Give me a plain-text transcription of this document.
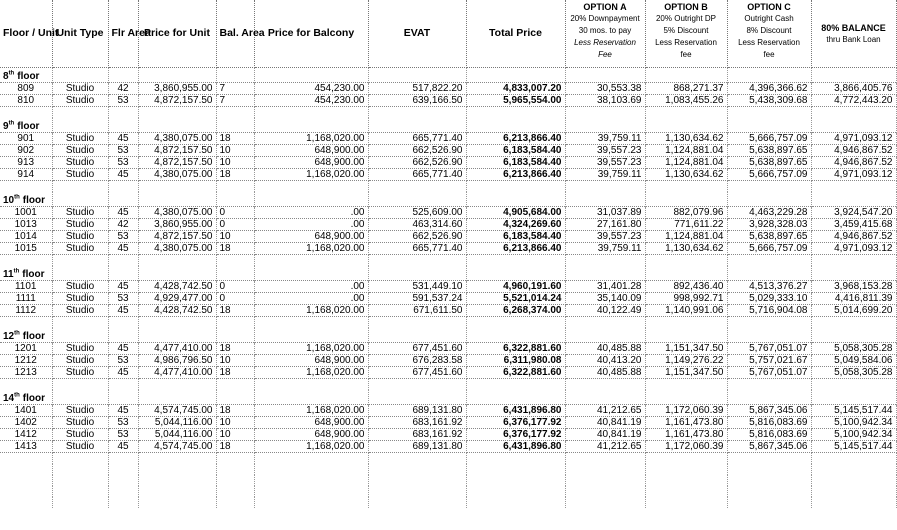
Floor / Unit	Unit Type	Flr Area	Price for Unit	Bal. Area	Price for Balcony	EVAT	Total Price	OPTION A
20% Downpayment
30 mos. to pay
Less Reservation
Fee	OPTION B
20% Outright DP
5% Discount
Less Reservation
fee	OPTION C
Outright Cash
8% Discount
Less Reservation
fee	80% BALANCE
thru Bank Loan
8th floor											
809	Studio	42	3,860,955.00	7	454,230.00	517,822.20	4,833,007.20	30,553.38	868,271.37	4,396,366.62	3,866,405.76
810	Studio	53	4,872,157.50	7	454,230.00	639,166.50	5,965,554.00	38,103.69	1,083,455.26	5,438,309.68	4,772,443.20

9th floor											
901	Studio	45	4,380,075.00	18	1,168,020.00	665,771.40	6,213,866.40	39,759.11	1,130,634.62	5,666,757.09	4,971,093.12
902	Studio	53	4,872,157.50	10	648,900.00	662,526.90	6,183,584.40	39,557.23	1,124,881.04	5,638,897.65	4,946,867.52
913	Studio	53	4,872,157.50	10	648,900.00	662,526.90	6,183,584.40	39,557.23	1,124,881.04	5,638,897.65	4,946,867.52
914	Studio	45	4,380,075.00	18	1,168,020.00	665,771.40	6,213,866.40	39,759.11	1,130,634.62	5,666,757.09	4,971,093.12

10th floor											
1001	Studio	45	4,380,075.00	0	.00	525,609.00	4,905,684.00	31,037.89	882,079.96	4,463,229.28	3,924,547.20
1013	Studio	42	3,860,955.00	0	.00	463,314.60	4,324,269.60	27,161.80	771,611.22	3,928,328.03	3,459,415.68
1014	Studio	53	4,872,157.50	10	648,900.00	662,526.90	6,183,584.40	39,557.23	1,124,881.04	5,638,897.65	4,946,867.52
1015	Studio	45	4,380,075.00	18	1,168,020.00	665,771.40	6,213,866.40	39,759.11	1,130,634.62	5,666,757.09	4,971,093.12

11th floor											
1101	Studio	45	4,428,742.50	0	.00	531,449.10	4,960,191.60	31,401.28	892,436.40	4,513,376.27	3,968,153.28
1111	Studio	53	4,929,477.00	0	.00	591,537.24	5,521,014.24	35,140.09	998,992.71	5,029,333.10	4,416,811.39
1112	Studio	45	4,428,742.50	18	1,168,020.00	671,611.50	6,268,374.00	40,122.49	1,140,991.06	5,716,904.08	5,014,699.20

12th floor											
1201	Studio	45	4,477,410.00	18	1,168,020.00	677,451.60	6,322,881.60	40,485.88	1,151,347.50	5,767,051.07	5,058,305.28
1212	Studio	53	4,986,796.50	10	648,900.00	676,283.58	6,311,980.08	40,413.20	1,149,276.22	5,757,021.67	5,049,584.06
1213	Studio	45	4,477,410.00	18	1,168,020.00	677,451.60	6,322,881.60	40,485.88	1,151,347.50	5,767,051.07	5,058,305.28

14th floor											
1401	Studio	45	4,574,745.00	18	1,168,020.00	689,131.80	6,431,896.80	41,212.65	1,172,060.39	5,867,345.06	5,145,517.44
1402	Studio	53	5,044,116.00	10	648,900.00	683,161.92	6,376,177.92	40,841.19	1,161,473.80	5,816,083.69	5,100,942.34
1412	Studio	53	5,044,116.00	10	648,900.00	683,161.92	6,376,177.92	40,841.19	1,161,473.80	5,816,083.69	5,100,942.34
1413	Studio	45	4,574,745.00	18	1,168,020.00	689,131.80	6,431,896.80	41,212.65	1,172,060.39	5,867,345.06	5,145,517.44
